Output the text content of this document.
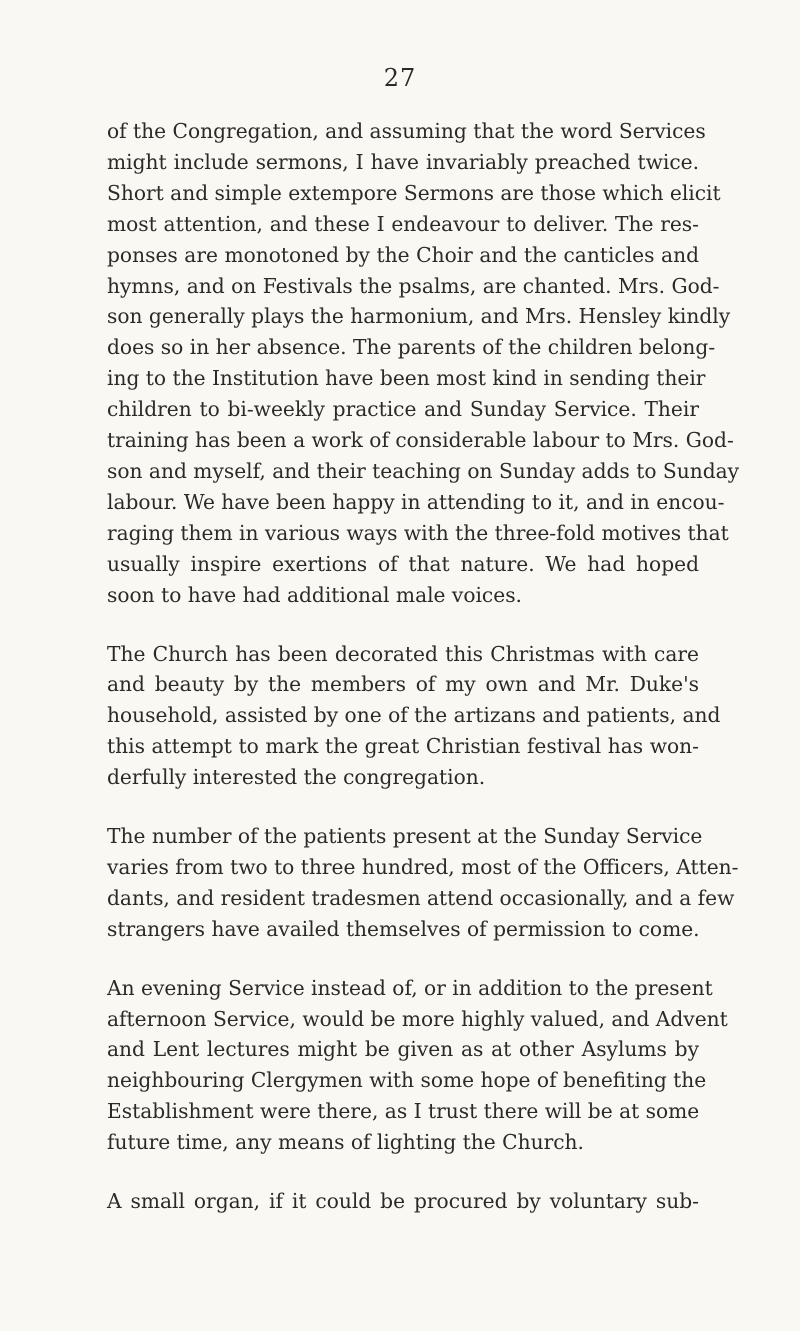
27

of the Congregation, and assuming that the word Services
might include sermons, I have invariably preached twice.
Short and simple extempore Sermons are those which elicit
most attention, and these I endeavour to deliver. The res-
ponses are monotoned by the Choir and the canticles and
hymns, and on Festivals the psalms, are chanted. Mrs. God-
son generally plays the harmonium, and Mrs. Hensley kindly
does so in her absence. The parents of the children belong-
ing to the Institution have been most kind in sending their
children to bi-weekly practice and Sunday Service. Their
training has been a work of considerable labour to Mrs. God-
son and myself, and their teaching on Sunday adds to Sunday
labour. We have been happy in attending to it, and in encou-
raging them in various ways with the three-fold motives that
usually inspire exertions of that nature. We had hoped
soon to have had additional male voices.

The Church has been decorated this Christmas with care
and beauty by the members of my own and Mr. Duke's
household, assisted by one of the artizans and patients, and
this attempt to mark the great Christian festival has won-
derfully interested the congregation.

The number of the patients present at the Sunday Service
varies from two to three hundred, most of the Officers, Atten-
dants, and resident tradesmen attend occasionally, and a few
strangers have availed themselves of permission to come.

An evening Service instead of, or in addition to the present
afternoon Service, would be more highly valued, and Advent
and Lent lectures might be given as at other Asylums by
neighbouring Clergymen with some hope of benefiting the
Establishment were there, as I trust there will be at some
future time, any means of lighting the Church.

A small organ, if it could be procured by voluntary sub-
